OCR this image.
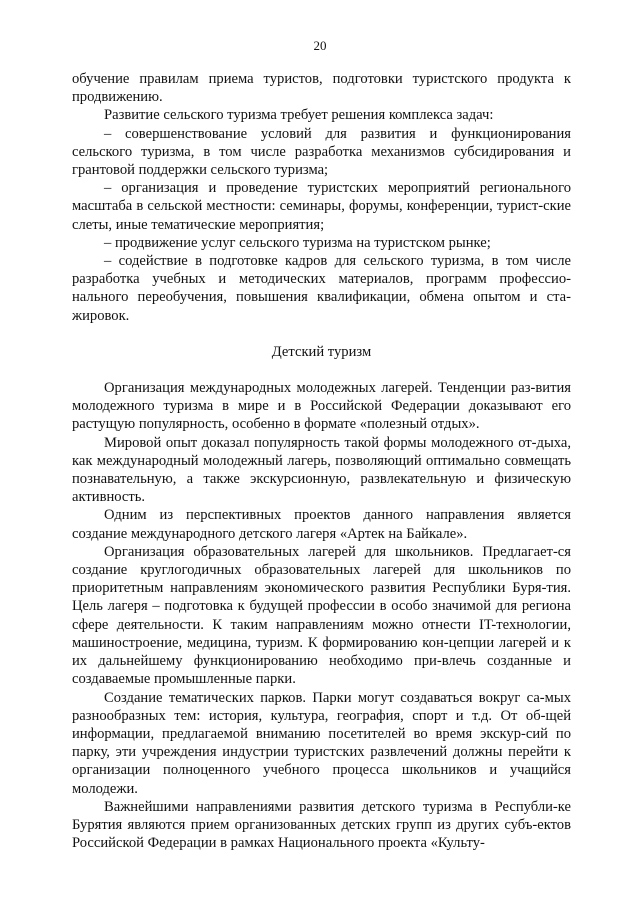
20

обучение правилам приема туристов, подготовки туристского продукта к продвижению.

Развитие сельского туризма требует решения комплекса задач:

– совершенствование условий для развития и функционирования сельского туризма, в том числе разработка механизмов субсидирования и грантовой поддержки сельского туризма;

– организация и проведение туристских мероприятий регионального масштаба в сельской местности: семинары, форумы, конференции, турист-ские слеты, иные тематические мероприятия;

– продвижение услуг сельского туризма на туристском рынке;

– содействие в подготовке кадров для сельского туризма, в том числе разработка учебных и методических материалов, программ профессио-нального переобучения, повышения квалификации, обмена опытом и ста-жировок.

Детский туризм

Организация международных молодежных лагерей. Тенденции раз-вития молодежного туризма в мире и в Российской Федерации доказывают его растущую популярность, особенно в формате «полезный отдых».

Мировой опыт доказал популярность такой формы молодежного от-дыха, как международный молодежный лагерь, позволяющий оптимально совмещать познавательную, а также экскурсионную, развлекательную и физическую активность.

Одним из перспективных проектов данного направления является создание международного детского лагеря «Артек на Байкале».

Организация образовательных лагерей для школьников. Предлагает-ся создание круглогодичных образовательных лагерей для школьников по приоритетным направлениям экономического развития Республики Буря-тия. Цель лагеря – подготовка к будущей профессии в особо значимой для региона сфере деятельности. К таким направлениям можно отнести IT-технологии, машиностроение, медицина, туризм. К формированию кон-цепции лагерей и к их дальнейшему функционированию необходимо при-влечь созданные и создаваемые промышленные парки.

Создание тематических парков. Парки могут создаваться вокруг са-мых разнообразных тем: история, культура, география, спорт и т.д. От об-щей информации, предлагаемой вниманию посетителей во время экскур-сий по парку, эти учреждения индустрии туристских развлечений должны перейти к организации полноценного учебного процесса школьников и учащийся молодежи.

Важнейшими направлениями развития детского туризма в Республи-ке Бурятия являются прием организованных детских групп из других субъ-ектов Российской Федерации в рамках Национального проекта «Культу-
